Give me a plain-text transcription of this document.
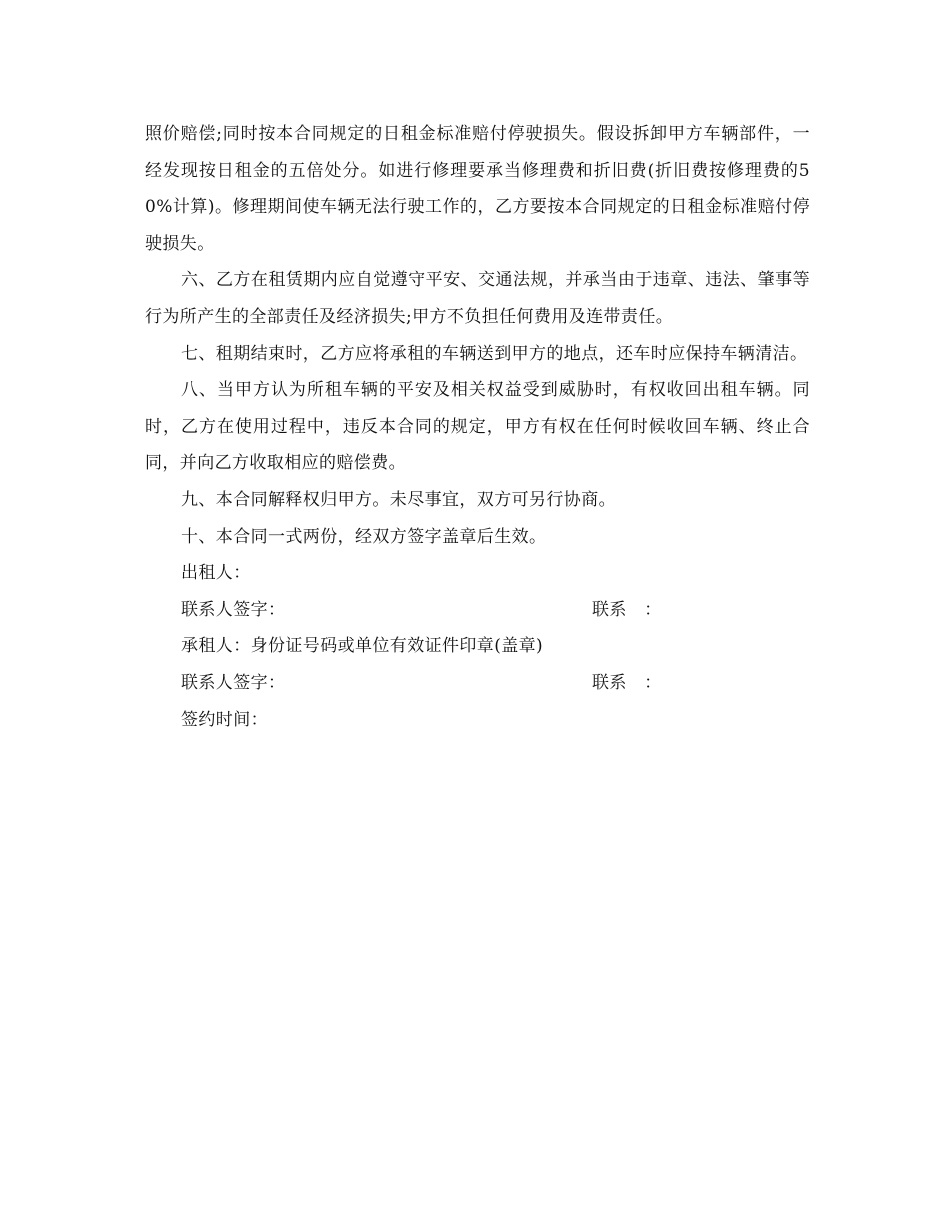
照价赔偿;同时按本合同规定的日租金标准赔付停驶损失。假设拆卸甲方车辆部件，一经发现按日租金的五倍处分。如进行修理要承当修理费和折旧费(折旧费按修理费的50%计算)。修理期间使车辆无法行驶工作的，乙方要按本合同规定的日租金标准赔付停驶损失。

六、乙方在租赁期内应自觉遵守平安、交通法规，并承当由于违章、违法、肇事等行为所产生的全部责任及经济损失;甲方不负担任何费用及连带责任。

七、租期结束时，乙方应将承租的车辆送到甲方的地点，还车时应保持车辆清洁。

八、当甲方认为所租车辆的平安及相关权益受到威胁时，有权收回出租车辆。同时，乙方在使用过程中，违反本合同的规定，甲方有权在任何时候收回车辆、终止合同，并向乙方收取相应的赔偿费。

九、本合同解释权归甲方。未尽事宜，双方可另行协商。

十、本合同一式两份，经双方签字盖章后生效。

出租人：

联系人签字：	联系　：

承租人：身份证号码或单位有效证件印章(盖章)

联系人签字：	联系　：

签约时间：
